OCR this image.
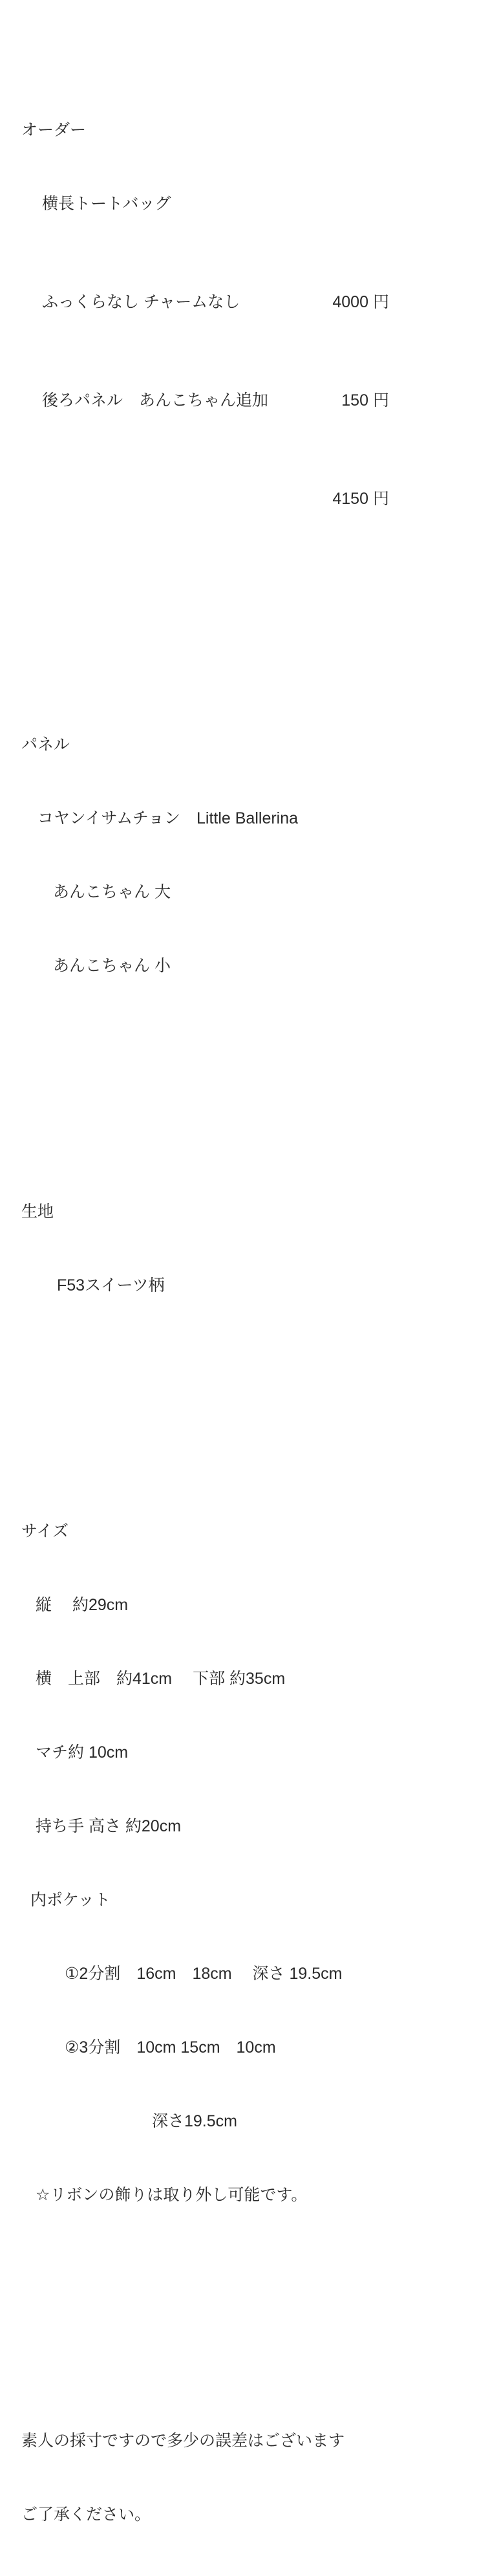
オーダー

横長トートバッグ

ふっくらなし チャームなし	4000 円

後ろパネル　あんこちゃん追加	150 円

4150 円

パネル

コヤンイサムチョン　Little Ballerina

あんこちゃん 大

あんこちゃん 小

生地

F53スイーツ柄

サイズ

縦　 約29cm

横　上部　約41cm　 下部 約35cm

マチ約 10cm

持ち手 高さ 約20cm

内ポケット

①2分割　16cm　18cm　 深さ 19.5cm

②3分割　10cm 15cm　10cm

深さ19.5cm

☆リボンの飾りは取り外し可能です。

素人の採寸ですので多少の誤差はございます

ご了承ください。
